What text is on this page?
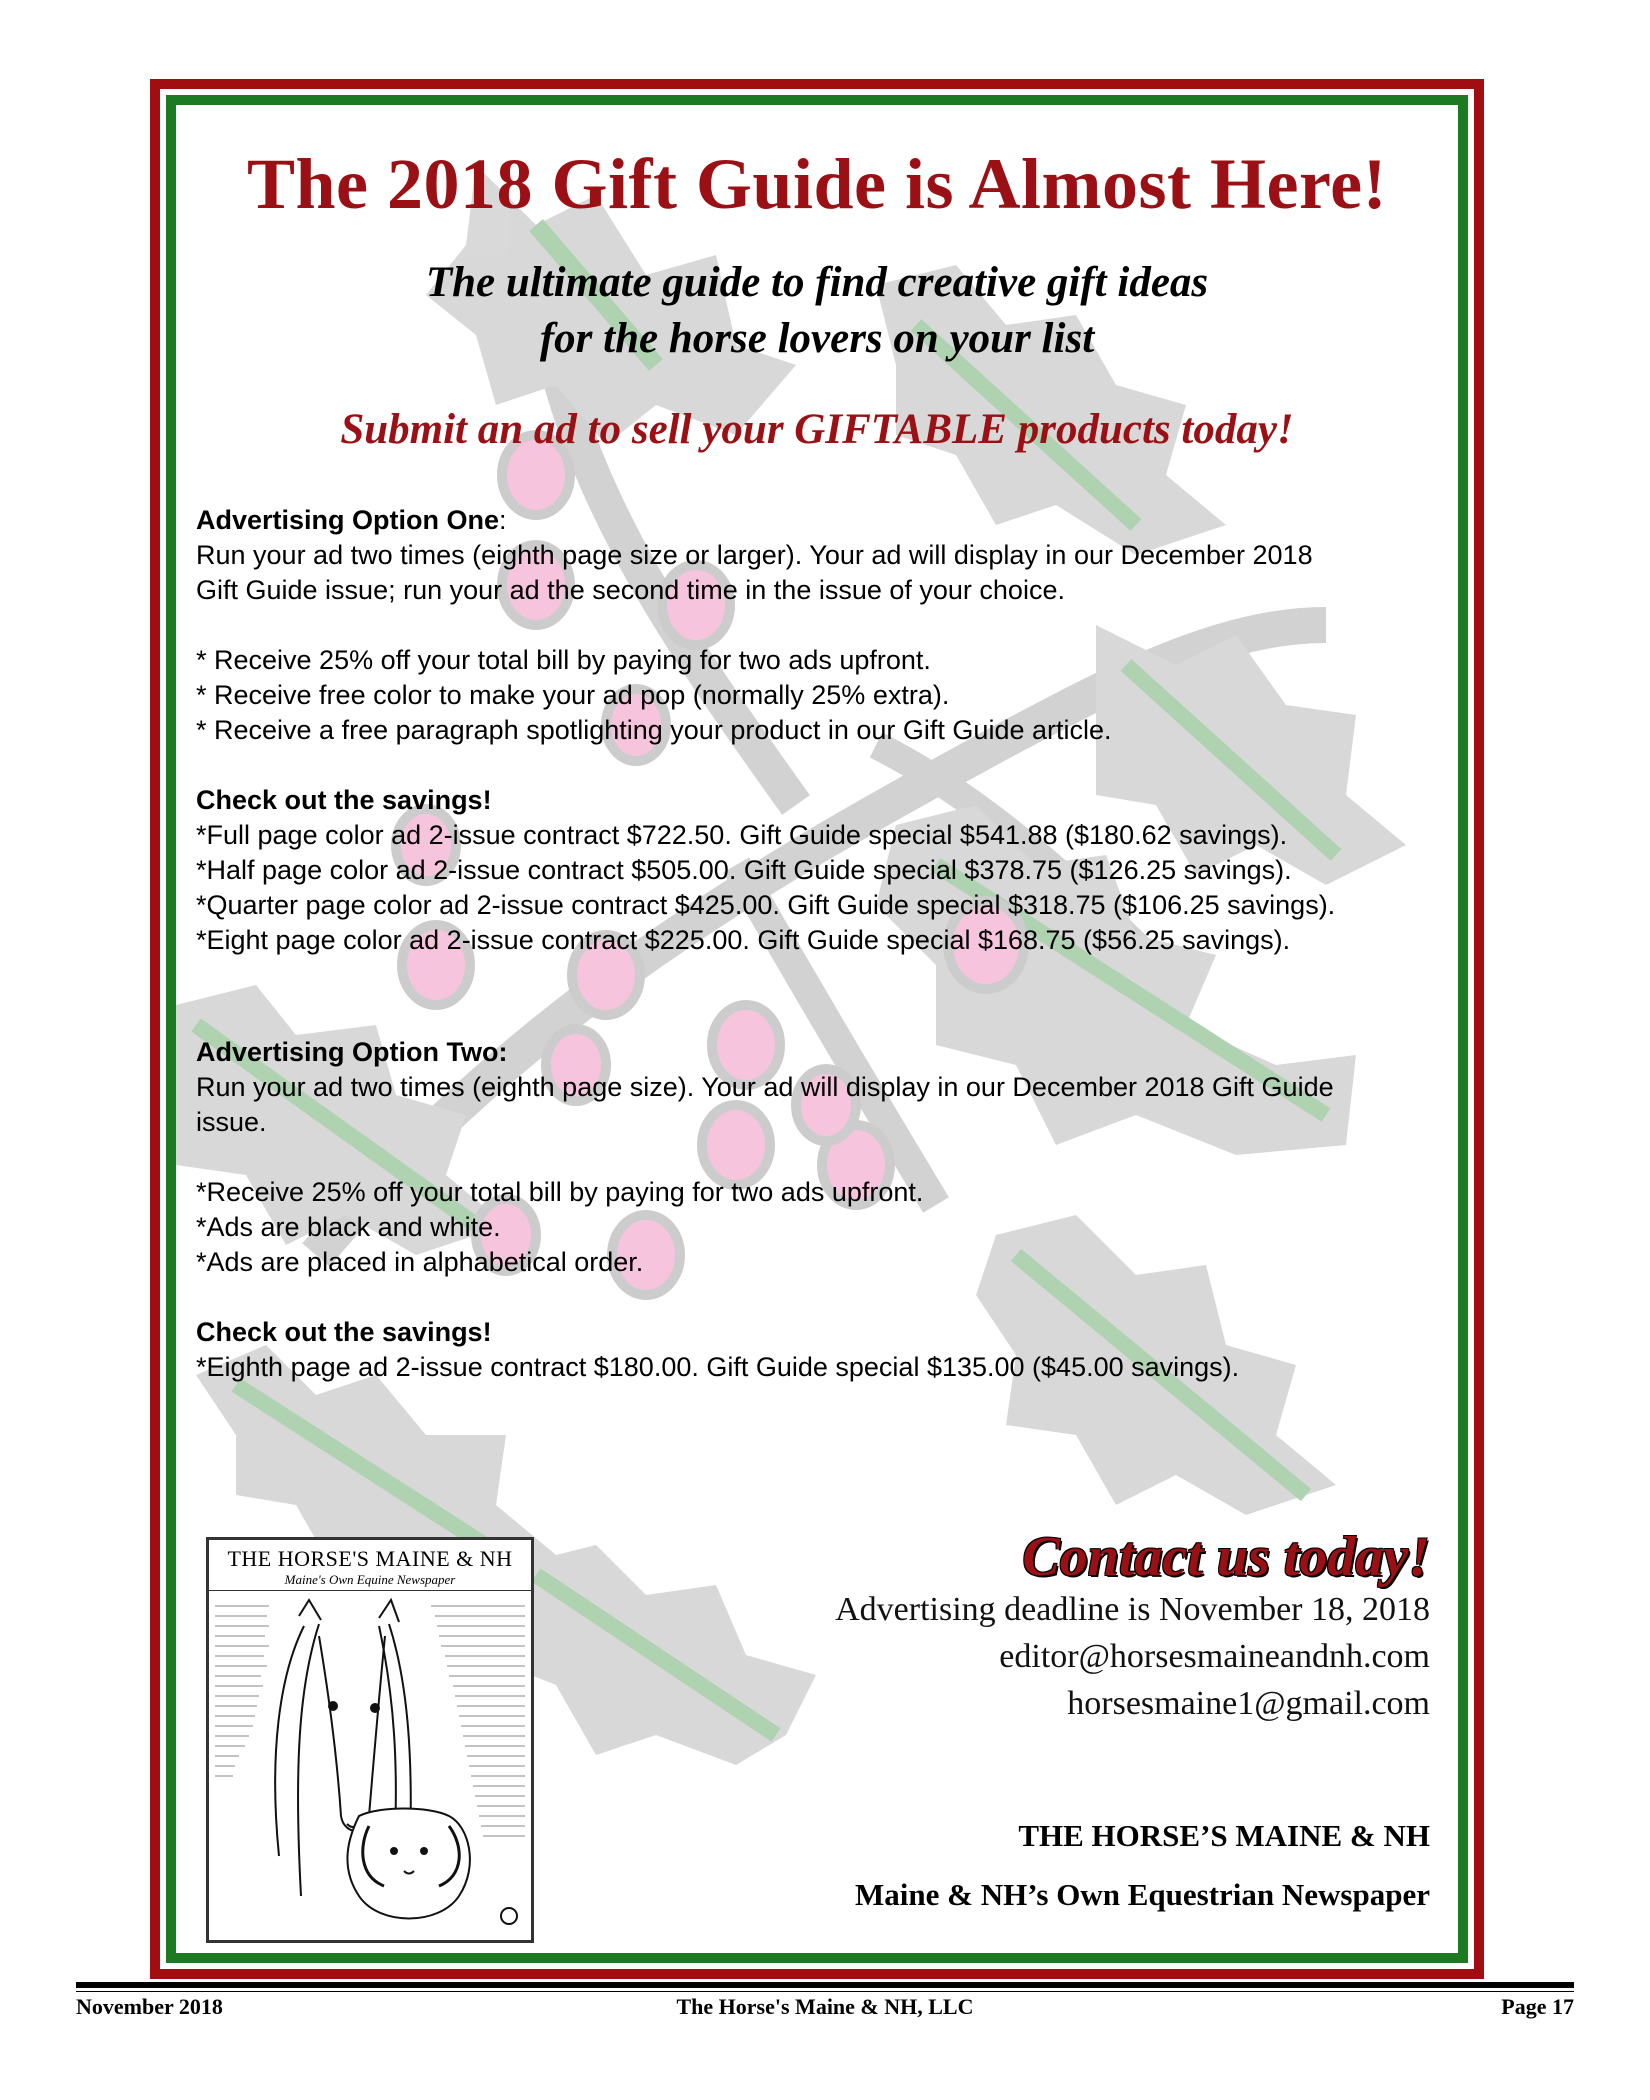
The 2018 Gift Guide is Almost Here!
The ultimate guide to find creative gift ideas
for the horse lovers on your list
Submit an ad to sell your GIFTABLE products today!

Advertising Option One:

Run your ad two times (eighth page size or larger). Your ad will display in our December 2018

Gift Guide issue; run your ad the second time in the issue of your choice.

* Receive 25% off your total bill by paying for two ads upfront.

* Receive free color to make your ad pop (normally 25% extra).

* Receive a free paragraph spotlighting your product in our Gift Guide article.

Check out the savings!

*Full page color ad 2-issue contract $722.50. Gift Guide special $541.88 ($180.62 savings).

*Half page color ad 2-issue contract $505.00. Gift Guide special $378.75 ($126.25 savings).

*Quarter page color ad 2-issue contract $425.00. Gift Guide special $318.75 ($106.25 savings).

*Eight page color ad 2-issue contract $225.00. Gift Guide special $168.75 ($56.25 savings).

Advertising Option Two:

Run your ad two times (eighth page size). Your ad will display in our December 2018 Gift Guide

issue.

*Receive 25% off your total bill by paying for two ads upfront.

*Ads are black and white.

*Ads are placed in alphabetical order.

Check out the savings!

*Eighth page ad 2-issue contract $180.00. Gift Guide special $135.00 ($45.00 savings).

THE HORSE'S MAINE & NH
Maine's Own Equine Newspaper	Contact us today!
Advertising deadline is November 18, 2018
editor@horsesmaineandnh.com
horsesmaine1@gmail.com
THE HORSE’S MAINE & NH
Maine & NH’s Own Equestrian Newspaper
November 2018	The Horse's Maine & NH, LLC	Page 17
